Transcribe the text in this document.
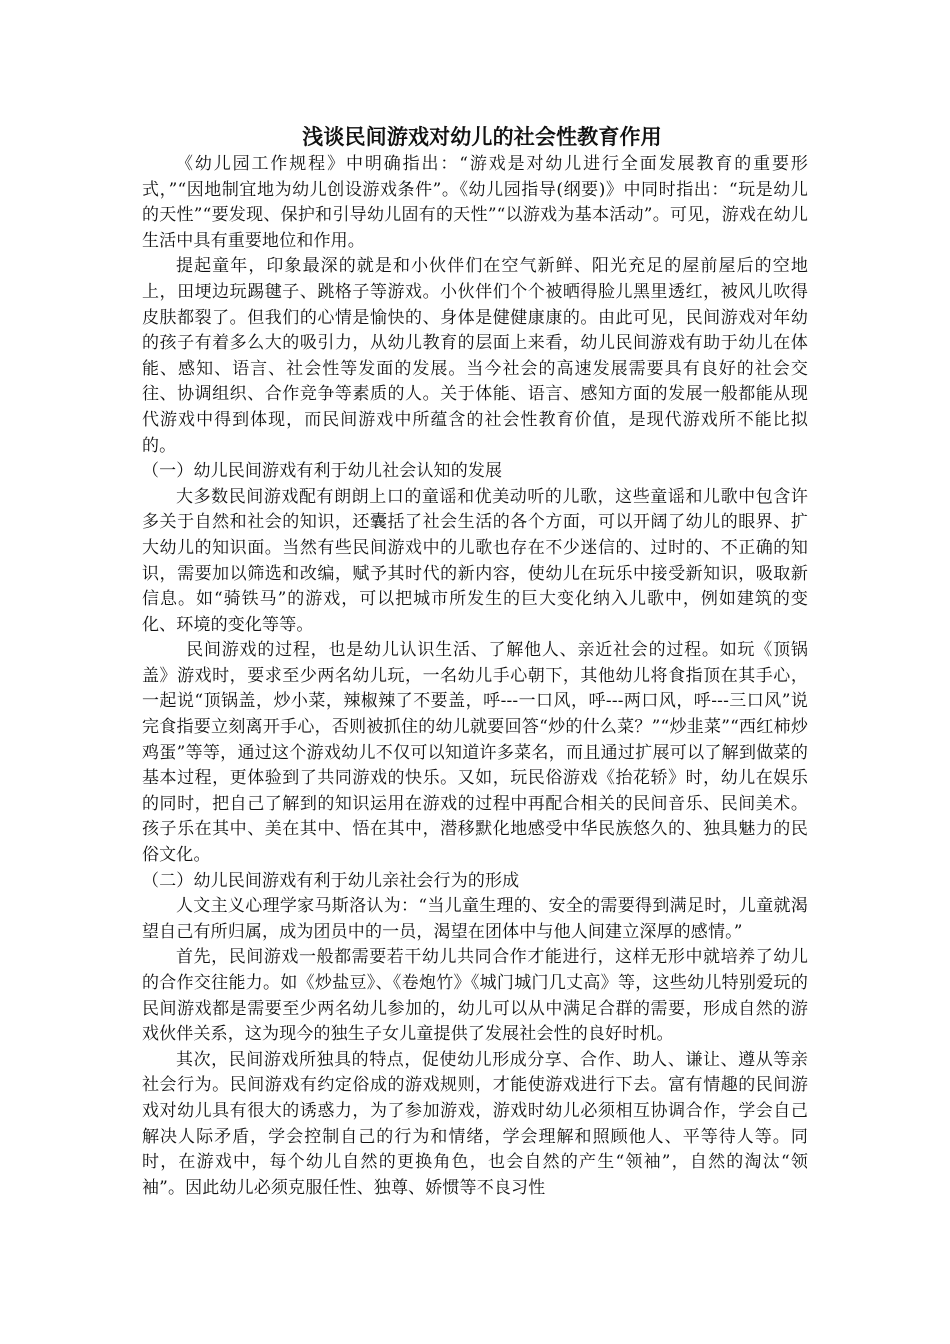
浅谈民间游戏对幼儿的社会性教育作用

《幼儿园工作规程》中明确指出：“游戏是对幼儿进行全面发展教育的重要形式，”“因地制宜地为幼儿创设游戏条件”。《幼儿园指导(纲要)》中同时指出：“玩是幼儿的天性”“要发现、保护和引导幼儿固有的天性”“以游戏为基本活动”。可见，游戏在幼儿生活中具有重要地位和作用。

提起童年，印象最深的就是和小伙伴们在空气新鲜、阳光充足的屋前屋后的空地上，田埂边玩踢毽子、跳格子等游戏。小伙伴们个个被晒得脸儿黑里透红，被风儿吹得皮肤都裂了。但我们的心情是愉快的、身体是健健康康的。由此可见，民间游戏对年幼的孩子有着多么大的吸引力，从幼儿教育的层面上来看，幼儿民间游戏有助于幼儿在体能、感知、语言、社会性等发面的发展。当今社会的高速发展需要具有良好的社会交往、协调组织、合作竞争等素质的人。关于体能、语言、感知方面的发展一般都能从现代游戏中得到体现，而民间游戏中所蕴含的社会性教育价值，是现代游戏所不能比拟的。

（一）幼儿民间游戏有利于幼儿社会认知的发展

大多数民间游戏配有朗朗上口的童谣和优美动听的儿歌，这些童谣和儿歌中包含许多关于自然和社会的知识，还囊括了社会生活的各个方面，可以开阔了幼儿的眼界、扩大幼儿的知识面。当然有些民间游戏中的儿歌也存在不少迷信的、过时的、不正确的知识，需要加以筛选和改编，赋予其时代的新内容，使幼儿在玩乐中接受新知识，吸取新信息。如“骑铁马”的游戏，可以把城市所发生的巨大变化纳入儿歌中，例如建筑的变化、环境的变化等等。

民间游戏的过程，也是幼儿认识生活、了解他人、亲近社会的过程。如玩《顶锅盖》游戏时，要求至少两名幼儿玩，一名幼儿手心朝下，其他幼儿将食指顶在其手心，一起说“顶锅盖，炒小菜，辣椒辣了不要盖，呼---一口风，呼---两口风，呼---三口风”说完食指要立刻离开手心，否则被抓住的幼儿就要回答“炒的什么菜？”“炒韭菜”“西红柿炒鸡蛋”等等，通过这个游戏幼儿不仅可以知道许多菜名，而且通过扩展可以了解到做菜的基本过程，更体验到了共同游戏的快乐。又如，玩民俗游戏《抬花轿》时，幼儿在娱乐的同时，把自己了解到的知识运用在游戏的过程中再配合相关的民间音乐、民间美术。孩子乐在其中、美在其中、悟在其中，潜移默化地感受中华民族悠久的、独具魅力的民俗文化。

（二）幼儿民间游戏有利于幼儿亲社会行为的形成

人文主义心理学家马斯洛认为：“当儿童生理的、安全的需要得到满足时，儿童就渴望自己有所归属，成为团员中的一员，渴望在团体中与他人间建立深厚的感情。”

首先，民间游戏一般都需要若干幼儿共同合作才能进行，这样无形中就培养了幼儿的合作交往能力。如《炒盐豆》、《卷炮竹》《城门城门几丈高》等，这些幼儿特别爱玩的民间游戏都是需要至少两名幼儿参加的，幼儿可以从中满足合群的需要，形成自然的游戏伙伴关系，这为现今的独生子女儿童提供了发展社会性的良好时机。

其次，民间游戏所独具的特点，促使幼儿形成分享、合作、助人、谦让、遵从等亲社会行为。民间游戏有约定俗成的游戏规则，才能使游戏进行下去。富有情趣的民间游戏对幼儿具有很大的诱惑力，为了参加游戏，游戏时幼儿必须相互协调合作，学会自己解决人际矛盾，学会控制自己的行为和情绪，学会理解和照顾他人、平等待人等。同时，在游戏中，每个幼儿自然的更换角色，也会自然的产生“领袖”，自然的淘汰“领袖”。因此幼儿必须克服任性、独尊、娇惯等不良习性
